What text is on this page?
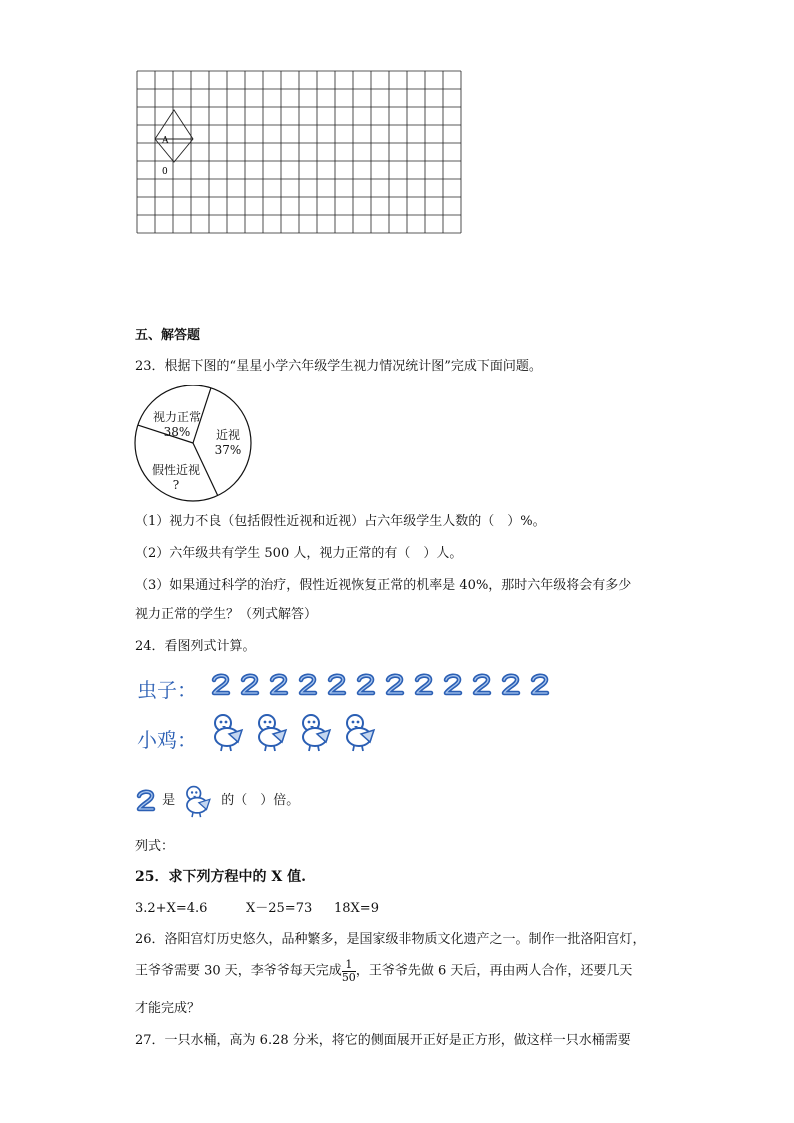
A
0
五、解答题
23．根据下图的“星星小学六年级学生视力情况统计图”完成下面问题。
视力正常
38%	近视
37%
假性近视
?
（1）视力不良（包括假性近视和近视）占六年级学生人数的（　）%。
（2）六年级共有学生 500 人，视力正常的有（　）人。
（3）如果通过科学的治疗，假性近视恢复正常的机率是 40%，那时六年级将会有多少
视力正常的学生？（列式解答）
24．看图列式计算。
虫子：
小鸡：
是	的（　）倍。
列式：
25．求下列方程中的 X 值.
3.2+X=4.6	X－25=73 18X=9
26．洛阳宫灯历史悠久，品种繁多，是国家级非物质文化遗产之一。制作一批洛阳宫灯，
王爷爷需要 30 天，李爷爷每天完成 $\frac{1}{50}$ ，王爷爷先做 6 天后，再由两人合作，还要几天
才能完成？
27．一只水桶，高为 6.28 分米，将它的侧面展开正好是正方形，做这样一只水桶需要
